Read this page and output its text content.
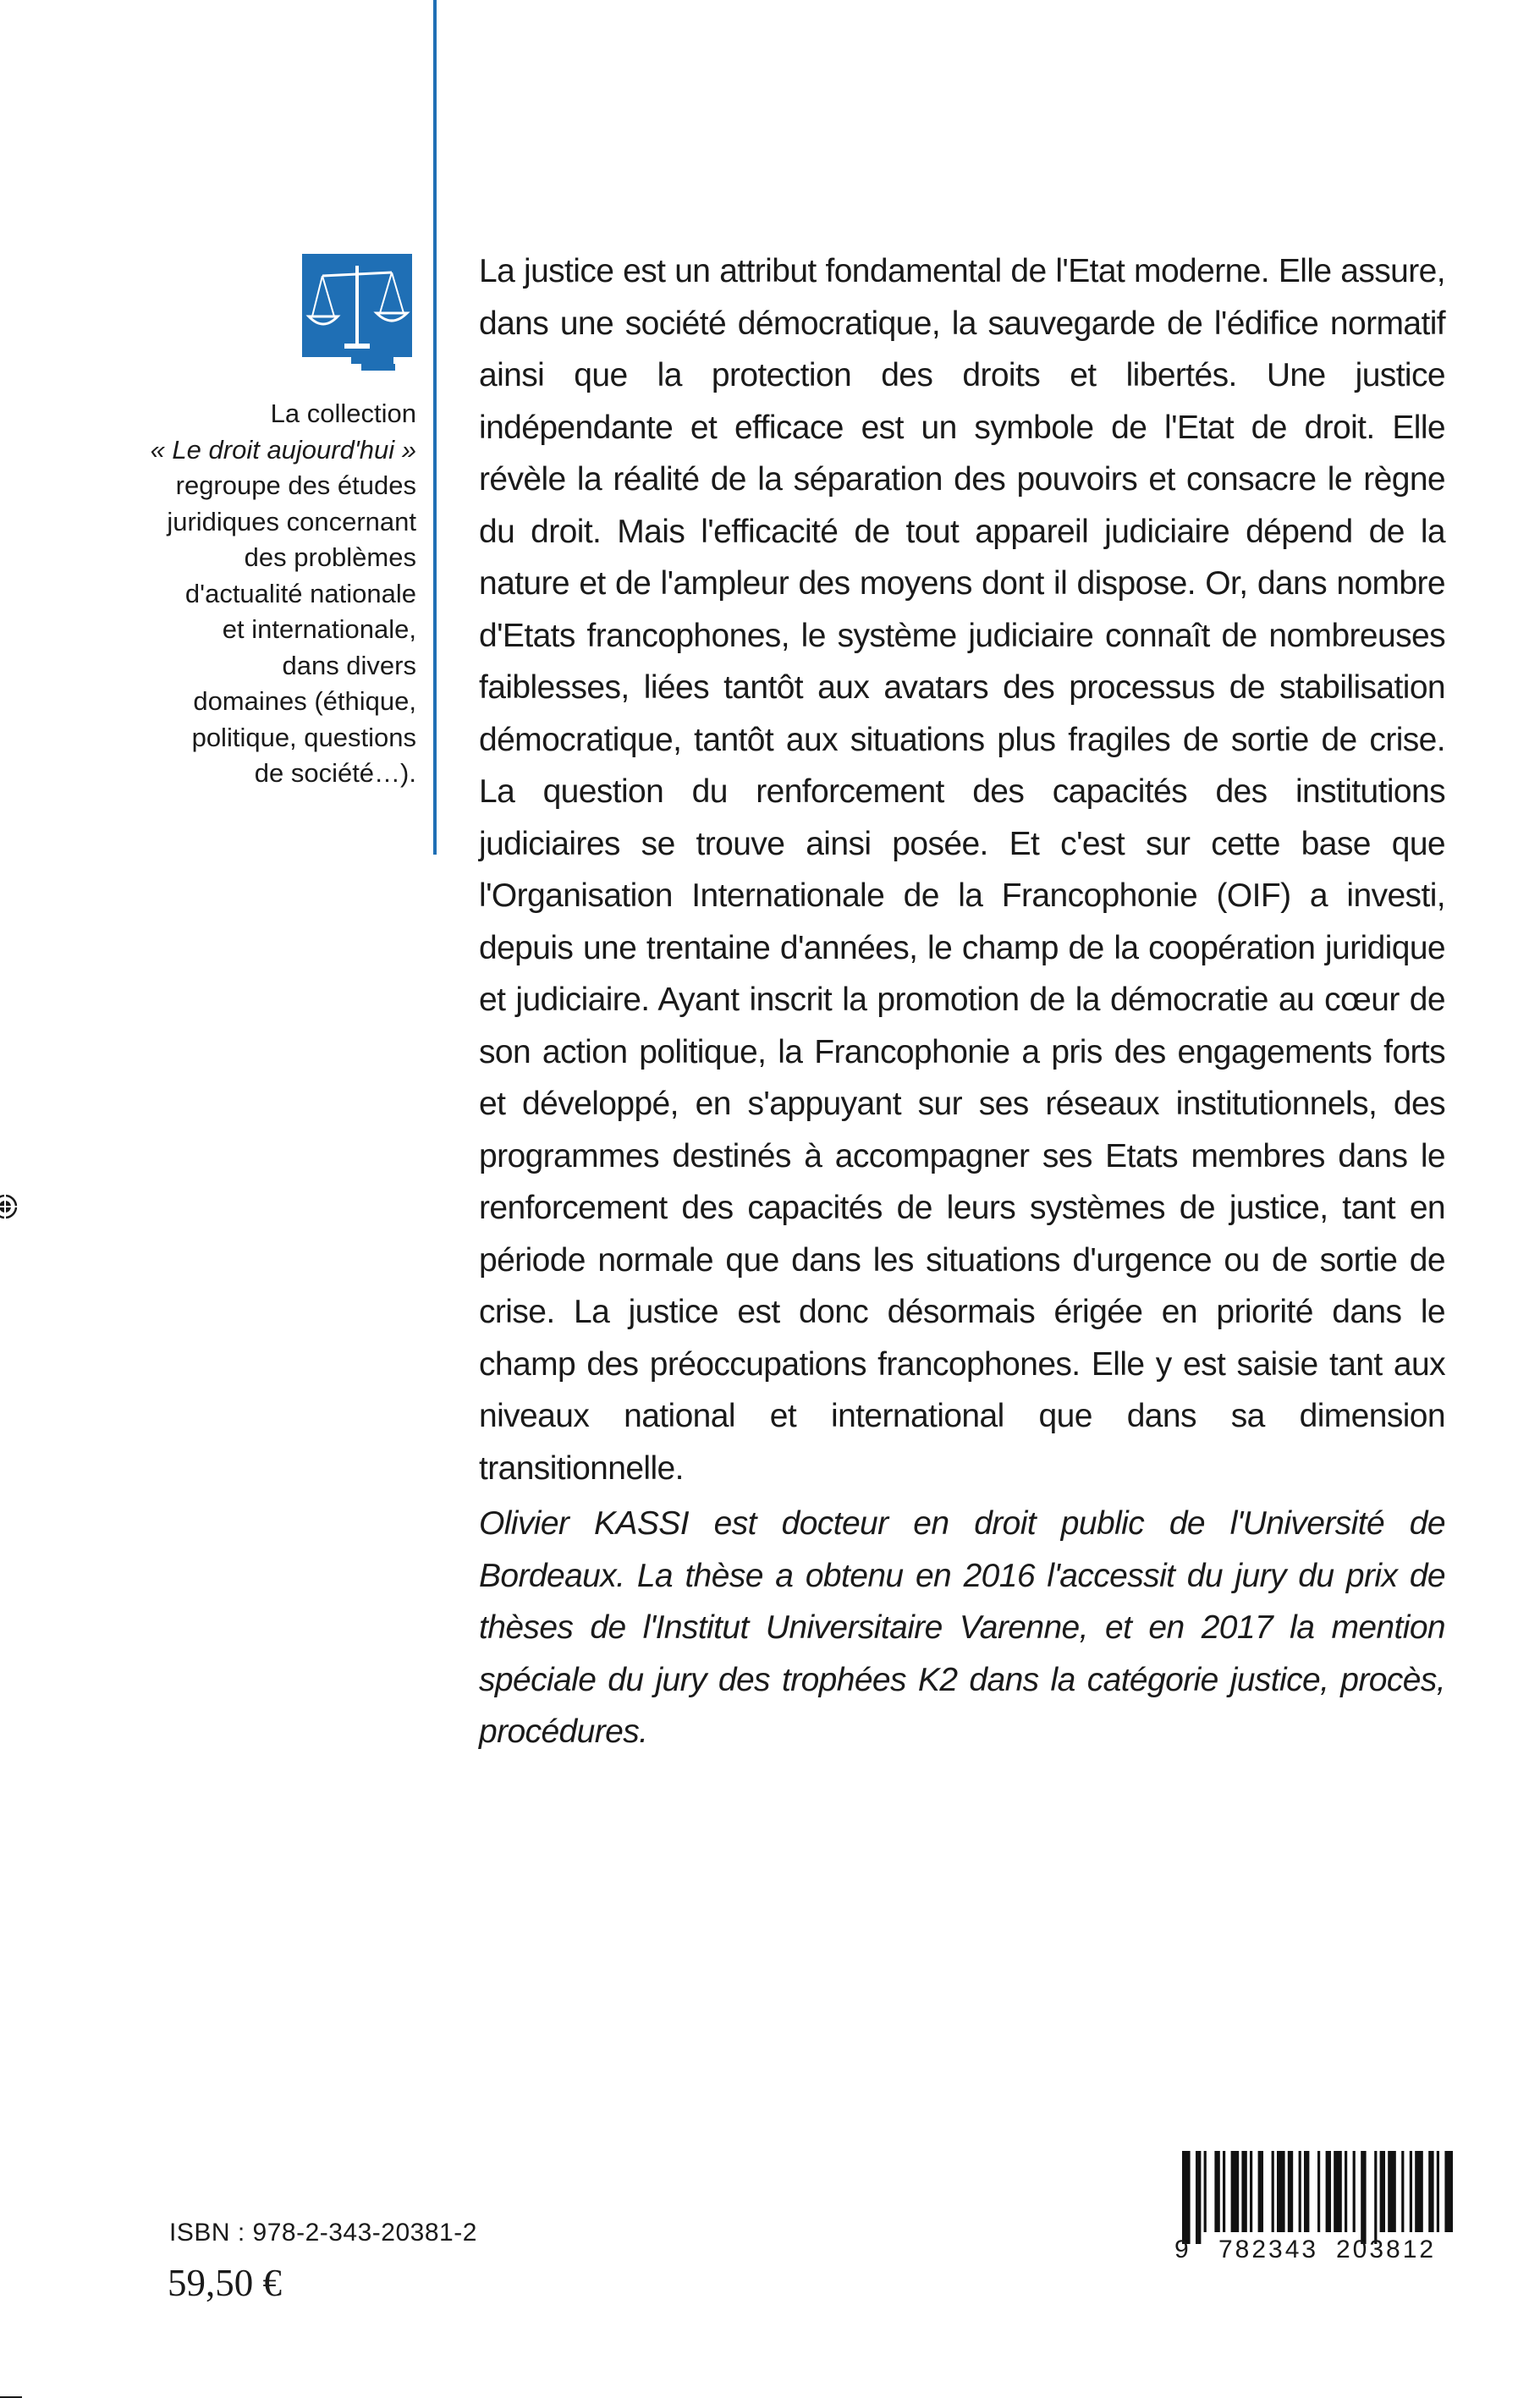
La collection
« Le droit aujourd'hui »
regroupe des études
juridiques concernant
des problèmes
d'actualité nationale
et internationale,
dans divers
domaines (éthique,
politique, questions
de société…).

La justice est un attribut fondamental de l'Etat moderne. Elle assure, dans une société démocratique, la sauvegarde de l'édifice normatif ainsi que la protection des droits et libertés. Une justice indépendante et efficace est un symbole de l'Etat de droit. Elle révèle la réalité de la séparation des pouvoirs et consacre le règne du droit. Mais l'efficacité de tout appareil judiciaire dépend de la nature et de l'ampleur des moyens dont il dispose. Or, dans nombre d'Etats francophones, le système judiciaire connaît de nombreuses faiblesses, liées tantôt aux avatars des processus de stabilisation démocratique, tantôt aux situations plus fragiles de sortie de crise. La question du renforcement des capacités des institutions judiciaires se trouve ainsi posée. Et c'est sur cette base que l'Organisation Internationale de la Francophonie (OIF) a investi, depuis une trentaine d'années, le champ de la coopération juridique et judiciaire. Ayant inscrit la promotion de la démocratie au cœur de son action politique, la Francophonie a pris des engagements forts et développé, en s'appuyant sur ses réseaux institutionnels, des programmes destinés à accompagner ses Etats membres dans le renforcement des capacités de leurs systèmes de justice, tant en période normale que dans les situations d'urgence ou de sortie de crise. La justice est donc désormais érigée en priorité dans le champ des préoccupations francophones. Elle y est saisie tant aux niveaux national et international que dans sa dimension transitionnelle.

Olivier KASSI est docteur en droit public de l'Université de Bordeaux. La thèse a obtenu en 2016 l'accessit du jury du prix de thèses de l'Institut Universitaire Varenne, et en 2017 la mention spéciale du jury des trophées K2 dans la catégorie justice, procès, procédures.

ISBN : 978-2-343-20381-2
59,50 €

9

782343

203812
